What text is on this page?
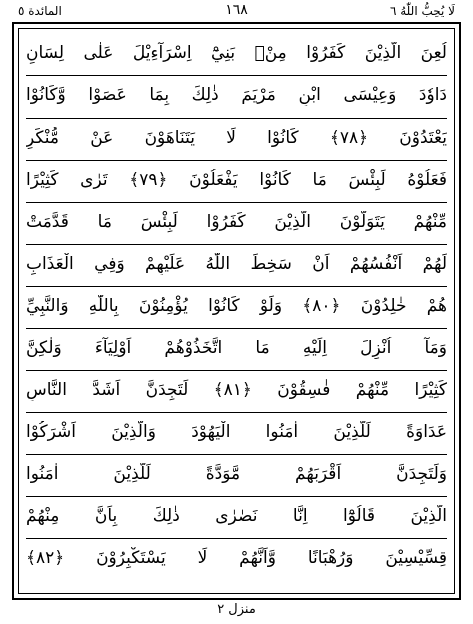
المائدة ٥	١٦٨	لَا يُحِبُّ اللّٰهُ ٦
لُعِنَ الَّذِيْنَ كَفَرُوْا مِنْۢ بَنِيْٓ اِسْرَآءِيْلَ عَلٰى لِسَانِ
دَاوٗدَ وَعِيْسَى ابْنِ مَرْيَمَ ذٰلِكَ بِمَا عَصَوْا وَّكَانُوْا
يَعْتَدُوْنَ ﴿۷۸﴾ كَانُوْا لَا يَتَنَاهَوْنَ عَنْ مُّنْكَرٍ
فَعَلُوْهُ لَبِئْسَ مَا كَانُوْا يَفْعَلُوْنَ ﴿۷۹﴾ تَرٰى كَثِيْرًا
مِّنْهُمْ يَتَوَلَّوْنَ الَّذِيْنَ كَفَرُوْا لَبِئْسَ مَا قَدَّمَتْ
لَهُمْ اَنْفُسُهُمْ اَنْ سَخِطَ اللّٰهُ عَلَيْهِمْ وَفِي الْعَذَابِ
هُمْ خٰلِدُوْنَ ﴿۸۰﴾ وَلَوْ كَانُوْا يُؤْمِنُوْنَ بِاللّٰهِ وَالنَّبِيِّ
وَمَآ اُنْزِلَ اِلَيْهِ مَا اتَّخَذُوْهُمْ اَوْلِيَآءَ وَلٰكِنَّ
كَثِيْرًا مِّنْهُمْ فٰسِقُوْنَ ﴿۸۱﴾ لَتَجِدَنَّ اَشَدَّ النَّاسِ
عَدَاوَةً لِّلَّذِيْنَ اٰمَنُوا الْيَهُوْدَ وَالَّذِيْنَ اَشْرَكُوْا
وَلَتَجِدَنَّ اَقْرَبَهُمْ مَّوَدَّةً لِّلَّذِيْنَ اٰمَنُوا
الَّذِيْنَ قَالُوْٓا اِنَّا نَصٰرٰى ذٰلِكَ بِاَنَّ مِنْهُمْ
قِسِّيْسِيْنَ وَرُهْبَانًا وَّاَنَّهُمْ لَا يَسْتَكْبِرُوْنَ ﴿۸۲﴾
منزل ٢
